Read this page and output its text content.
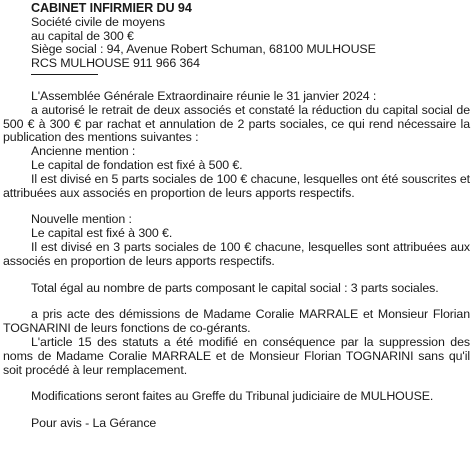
CABINET INFIRMIER DU 94
Société civile de moyens
au capital de 300 €
Siège social : 94, Avenue Robert Schuman, 68100 MULHOUSE
RCS MULHOUSE 911 966 364
L'Assemblée Générale Extraordinaire réunie le 31 janvier 2024 :
a autorisé le retrait de deux associés et constaté la réduction du capital social de 500 € à 300 € par rachat et annulation de 2 parts sociales, ce qui rend nécessaire la publication des mentions suivantes :
Ancienne mention :
Le capital de fondation est fixé à 500 €.
Il est divisé en 5 parts sociales de 100 € chacune, lesquelles ont été souscrites et attribuées aux associés en proportion de leurs apports respectifs.
Nouvelle mention :
Le capital est fixé à 300 €.
Il est divisé en 3 parts sociales de 100 € chacune, lesquelles sont attribuées aux associés en proportion de leurs apports respectifs.
Total égal au nombre de parts composant le capital social : 3 parts sociales.
a pris acte des démissions de Madame Coralie MARRALE et Monsieur Florian TOGNARINI de leurs fonctions de co-gérants.
L'article 15 des statuts a été modifié en conséquence par la suppression des noms de Madame Coralie MARRALE et de Monsieur Florian TOGNARINI sans qu'il soit procédé à leur remplacement.
Modifications seront faites au Greffe du Tribunal judiciaire de MULHOUSE.
Pour avis - La Gérance
